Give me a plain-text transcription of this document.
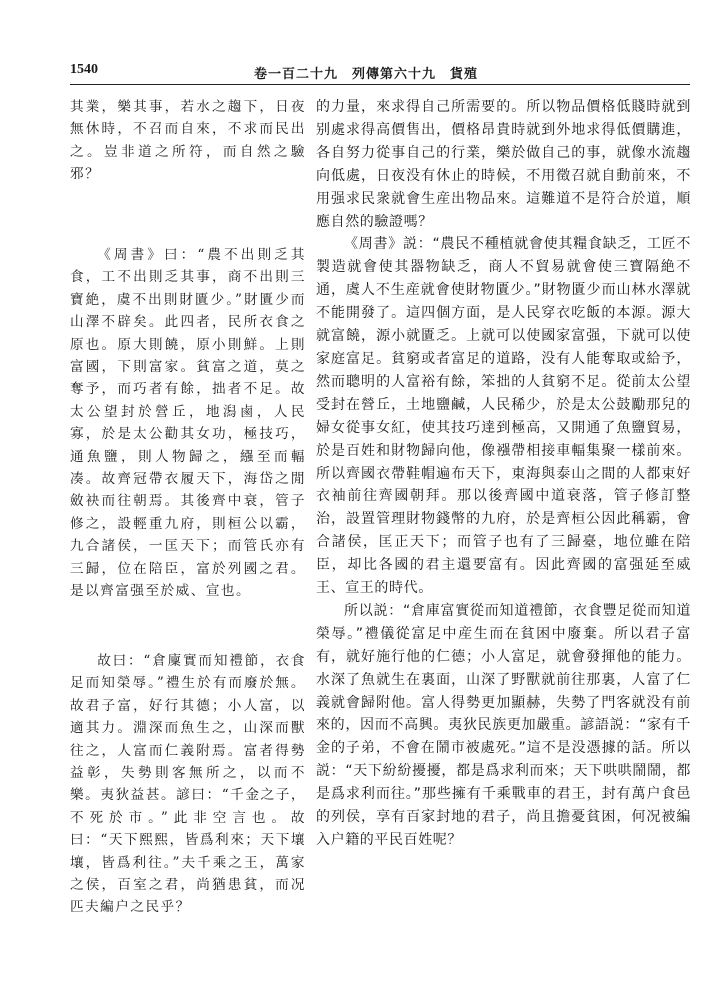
1540	卷一百二十九　列傳第六十九　貨殖

其業，樂其事，若水之趨下，日夜無休時，不召而自來，不求而民出之。豈非道之所符，而自然之驗邪？

《周書》曰：“農不出則乏其食，工不出則乏其事，商不出則三寶絶，虞不出則財匱少。”財匱少而山澤不辟矣。此四者，民所衣食之原也。原大則饒，原小則鮮。上則富國，下則富家。貧富之道，莫之奪予，而巧者有餘，拙者不足。故太公望封於營丘，地潟鹵，人民寡，於是太公勸其女功，極技巧，通魚鹽，則人物歸之，繦至而輻凑。故齊冠帶衣履天下，海岱之閒斂袂而往朝焉。其後齊中衰，管子修之，設輕重九府，則桓公以霸，九合諸侯，一匡天下；而管氏亦有三歸，位在陪臣，富於列國之君。是以齊富强至於威、宣也。

故曰：“倉廩實而知禮節，衣食足而知榮辱。”禮生於有而廢於無。故君子富，好行其德；小人富，以適其力。淵深而魚生之，山深而獸往之，人富而仁義附焉。富者得勢益彰，失勢則客無所之，以而不樂。夷狄益甚。諺曰：“千金之子，不死於市。”此非空言也。故曰：“天下熙熙，皆爲利來；天下壤壤，皆爲利往。”夫千乘之王，萬家之侯，百室之君，尚猶患貧，而况匹夫編户之民乎？

的力量，來求得自己所需要的。所以物品價格低賤時就到别處求得高價售出，價格昂貴時就到外地求得低價購進，各自努力從事自己的行業，樂於做自己的事，就像水流趨向低處，日夜没有休止的時候，不用徵召就自動前來，不用强求民衆就會生産出物品來。這難道不是符合於道，順應自然的驗證嗎？

《周書》説：“農民不種植就會使其糧食缺乏，工匠不製造就會使其器物缺乏，商人不貿易就會使三寶隔絶不通，虞人不生産就會使財物匱少。”財物匱少而山林水澤就不能開發了。這四個方面，是人民穿衣吃飯的本源。源大就富饒，源小就匱乏。上就可以使國家富强，下就可以使家庭富足。貧窮或者富足的道路，没有人能奪取或給予，然而聰明的人富裕有餘，笨拙的人貧窮不足。從前太公望受封在營丘，土地鹽鹹，人民稀少，於是太公鼓勵那兒的婦女從事女紅，使其技巧達到極高，又開通了魚鹽貿易，於是百姓和財物歸向他，像襁帶相接車輻集聚一樣前來。所以齊國衣帶鞋帽遍布天下，東海與泰山之間的人都束好衣袖前往齊國朝拜。那以後齊國中道衰落，管子修訂整治，設置管理財物錢幣的九府，於是齊桓公因此稱霸，會合諸侯，匡正天下；而管子也有了三歸臺，地位雖在陪臣，却比各國的君主還要富有。因此齊國的富强延至威王、宣王的時代。

所以説：“倉庫富實從而知道禮節，衣食豐足從而知道榮辱。”禮儀從富足中産生而在貧困中廢棄。所以君子富有，就好施行他的仁德；小人富足，就會發揮他的能力。水深了魚就生在裏面，山深了野獸就前往那裏，人富了仁義就會歸附他。富人得勢更加顯赫，失勢了門客就没有前來的，因而不高興。夷狄民族更加嚴重。諺語説：“家有千金的子弟，不會在鬧市被處死。”這不是没憑據的話。所以説：“天下紛紛擾擾，都是爲求利而來；天下哄哄鬧鬧，都是爲求利而往。”那些擁有千乘戰車的君王，封有萬户食邑的列侯，享有百家封地的君子，尚且擔憂貧困，何况被編入户籍的平民百姓呢？
